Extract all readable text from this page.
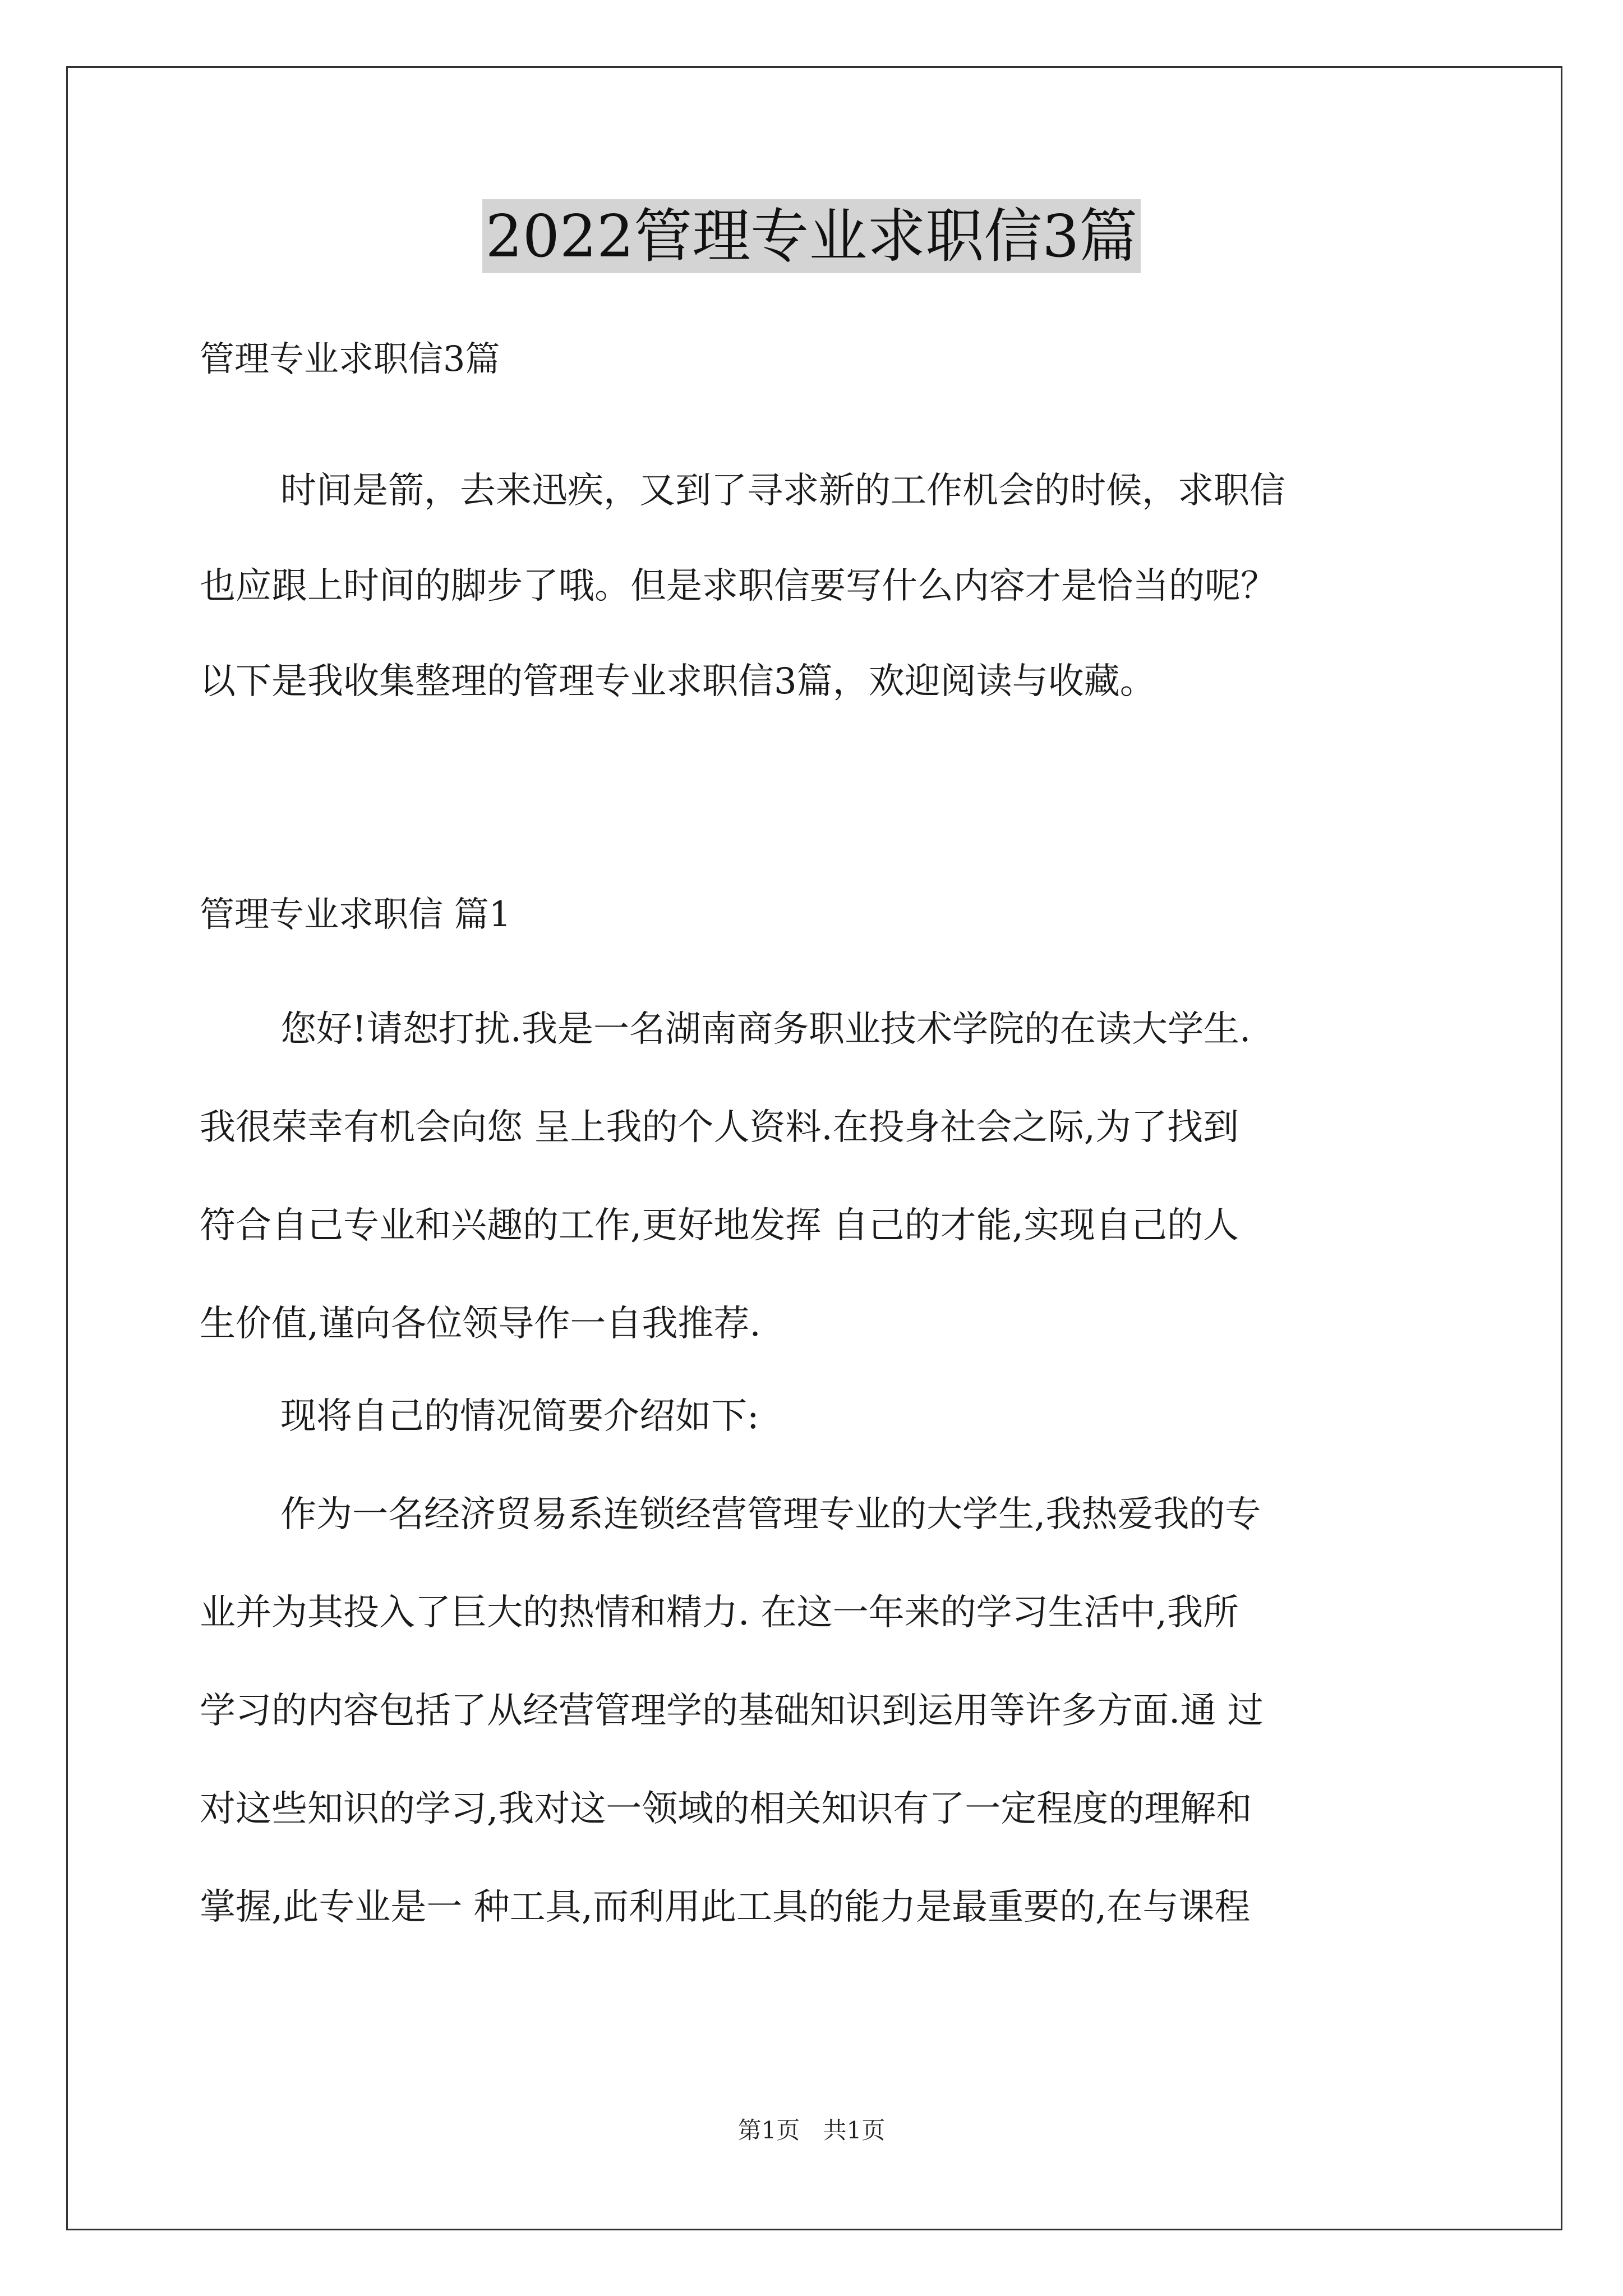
2022管理专业求职信3篇

管理专业求职信3篇

时间是箭，去来迅疾，又到了寻求新的工作机会的时候，求职信

也应跟上时间的脚步了哦。但是求职信要写什么内容才是恰当的呢？

以下是我收集整理的管理专业求职信3篇，欢迎阅读与收藏。

管理专业求职信 篇1

您好!请恕打扰.我是一名湖南商务职业技术学院的在读大学生.

我很荣幸有机会向您 呈上我的个人资料.在投身社会之际,为了找到

符合自己专业和兴趣的工作,更好地发挥 自己的才能,实现自己的人

生价值,谨向各位领导作一自我推荐.

现将自己的情况简要介绍如下:

作为一名经济贸易系连锁经营管理专业的大学生,我热爱我的专

业并为其投入了巨大的热情和精力. 在这一年来的学习生活中,我所

学习的内容包括了从经营管理学的基础知识到运用等许多方面.通 过

对这些知识的学习,我对这一领域的相关知识有了一定程度的理解和

掌握,此专业是一 种工具,而利用此工具的能力是最重要的,在与课程

第1页 共1页
